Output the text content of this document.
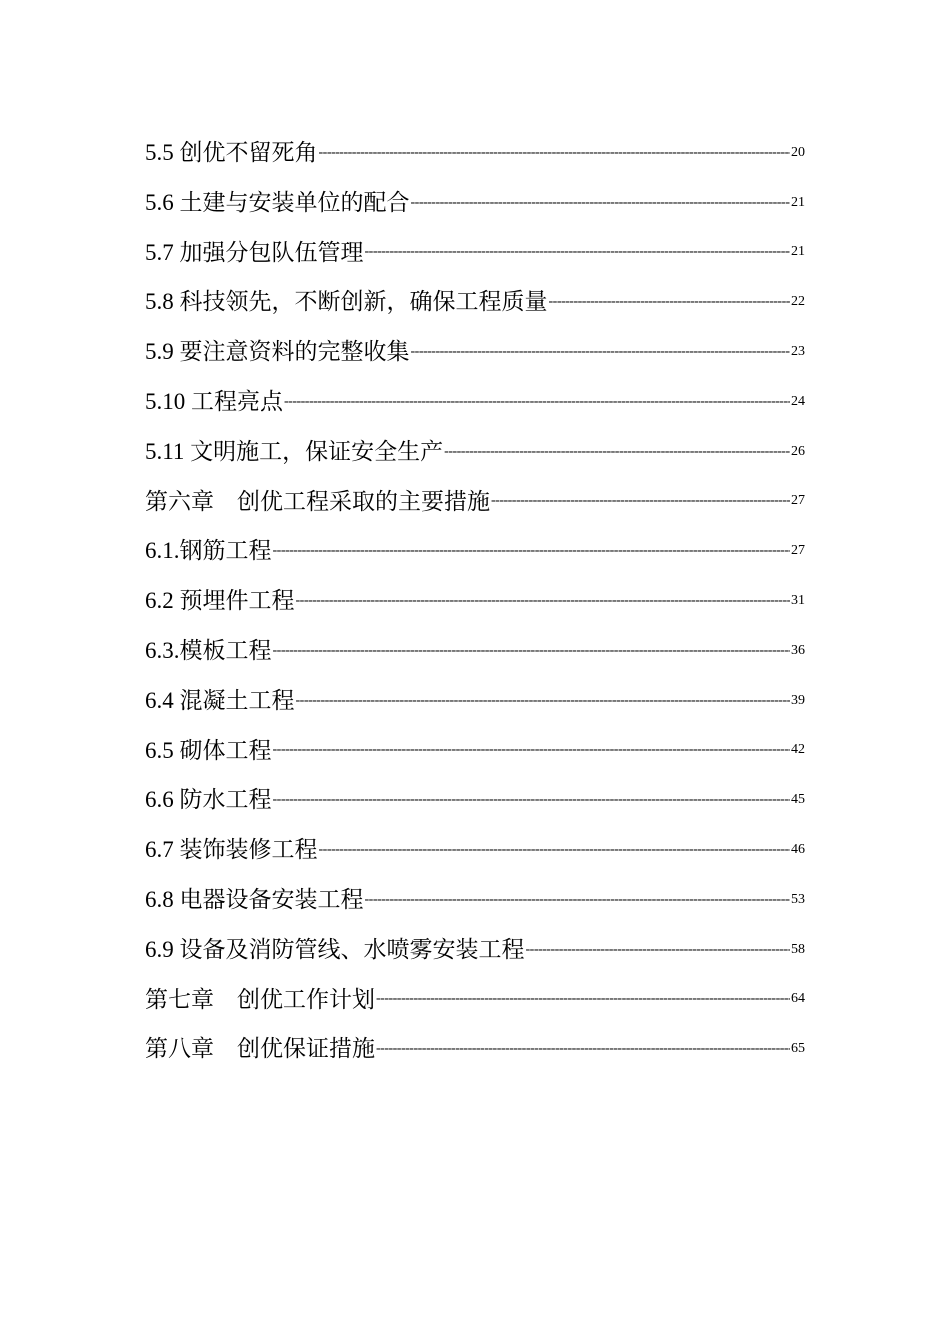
5.5 创优不留死角 -----	20
5.6 土建与安装单位的配合 -----	21
5.7 加强分包队伍管理 -----	21
5.8 科技领先，不断创新，确保工程质量 -----	22
5.9 要注意资料的完整收集 -----	23
5.10 工程亮点 -----	24
5.11 文明施工，保证安全生产 -----	26
第六章　创优工程采取的主要措施 -----	27
6.1.钢筋工程 -----	27
6.2 预埋件工程 -----	31
6.3.模板工程 -----	36
6.4 混凝土工程 -----	39
6.5 砌体工程 -----	42
6.6 防水工程 -----	45
6.7 装饰装修工程 -----	46
6.8 电器设备安装工程 -----	53
6.9 设备及消防管线、水喷雾安装工程 -----	58
第七章　创优工作计划 -----	64
第八章　创优保证措施 -----	65
